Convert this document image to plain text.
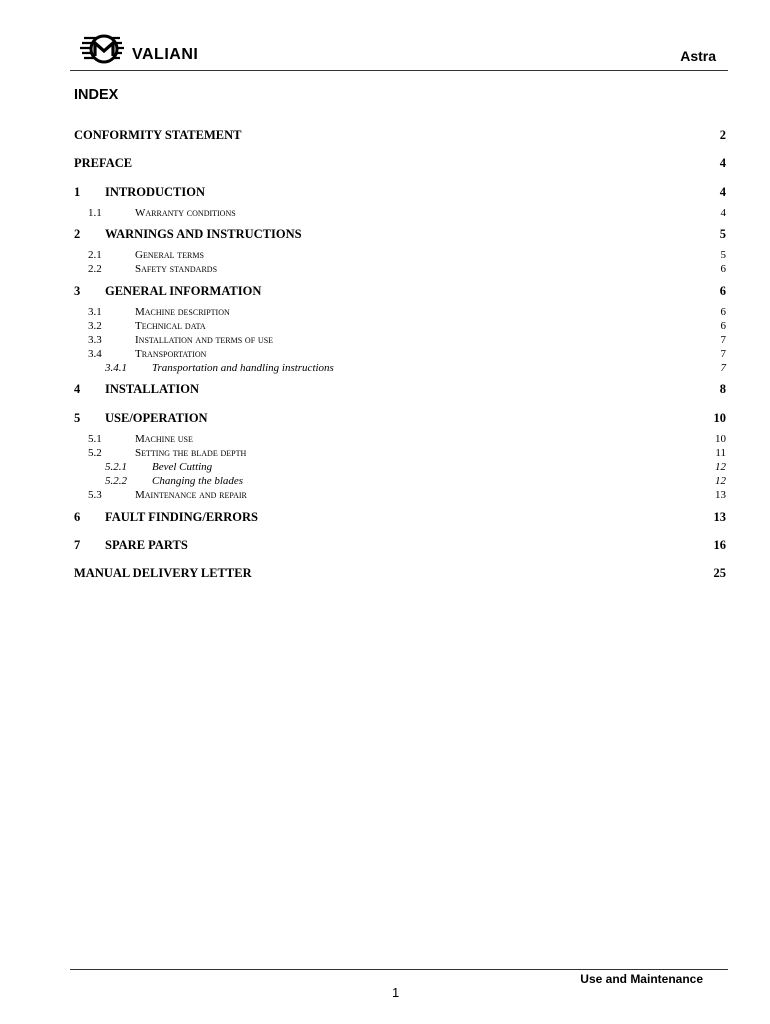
VALIANI	Astra
INDEX
CONFORMITY STATEMENT	2
PREFACE	4
1	INTRODUCTION	4
1.1	Warranty conditions	4
2	WARNINGS AND INSTRUCTIONS	5
2.1	General terms	5
2.2	Safety standards	6
3	GENERAL INFORMATION	6
3.1	Machine description	6
3.2	Technical data	6
3.3	Installation and terms of use	7
3.4	Transportation	7
3.4.1	Transportation and handling instructions	7
4	INSTALLATION	8
5	USE/OPERATION	10
5.1	Machine use	10
5.2	Setting the blade depth	11
5.2.1	Bevel Cutting	12
5.2.2	Changing the blades	12
5.3	Maintenance and repair	13
6	FAULT FINDING/ERRORS	13
7	SPARE PARTS	16
MANUAL DELIVERY LETTER	25
Use and Maintenance
1
